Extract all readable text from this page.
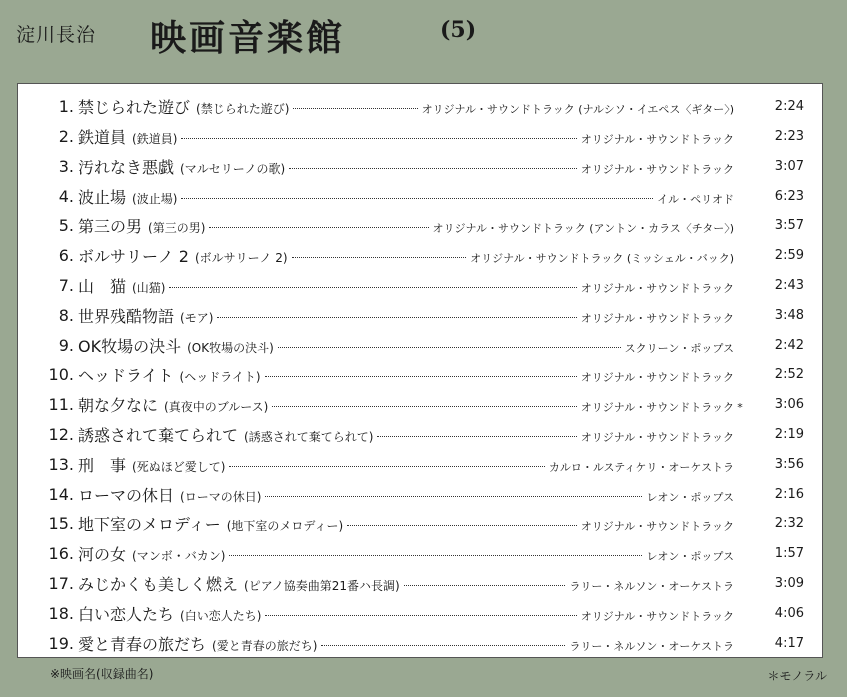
淀川長治 映画音楽館	(5)
1. 禁じられた遊び (禁じられた遊び)	オリジナル・サウンドトラック (ナルシソ・イエペス〈ギター〉)	2:24
2. 鉄道員 (鉄道員)	オリジナル・サウンドトラック	2:23
3. 汚れなき悪戯 (マルセリーノの歌)	オリジナル・サウンドトラック	3:07
4. 波止場 (波止場)	イル・ペリオド	6:23
5. 第三の男 (第三の男)	オリジナル・サウンドトラック (アントン・カラス〈チター〉)	3:57
6. ボルサリーノ 2 (ボルサリーノ 2)	オリジナル・サウンドトラック (ミッシェル・バック)	2:59
7. 山　猫 (山猫)	オリジナル・サウンドトラック	2:43
8. 世界残酷物語 (モア)	オリジナル・サウンドトラック	3:48
9. OK牧場の決斗 (OK牧場の決斗)	スクリーン・ポップス	2:42
10. ヘッドライト (ヘッドライト)	オリジナル・サウンドトラック	2:52
11. 朝な夕なに (真夜中のブルース)	オリジナル・サウンドトラック *	3:06
12. 誘惑されて棄てられて (誘惑されて棄てられて)	オリジナル・サウンドトラック	2:19
13. 刑　事 (死ぬほど愛して)	カルロ・ルスティケリ・オーケストラ	3:56
14. ローマの休日 (ローマの休日)	レオン・ポップス	2:16
15. 地下室のメロディー (地下室のメロディー)	オリジナル・サウンドトラック	2:32
16. 河の女 (マンボ・バカン)	レオン・ポップス	1:57
17. みじかくも美しく燃え (ピアノ協奏曲第21番ハ長調)	ラリー・ネルソン・オーケストラ	3:09
18. 白い恋人たち (白い恋人たち)	オリジナル・サウンドトラック	4:06
19. 愛と青春の旅だち (愛と青春の旅だち)	ラリー・ネルソン・オーケストラ	4:17
※映画名(収録曲名)	＊モノラル
